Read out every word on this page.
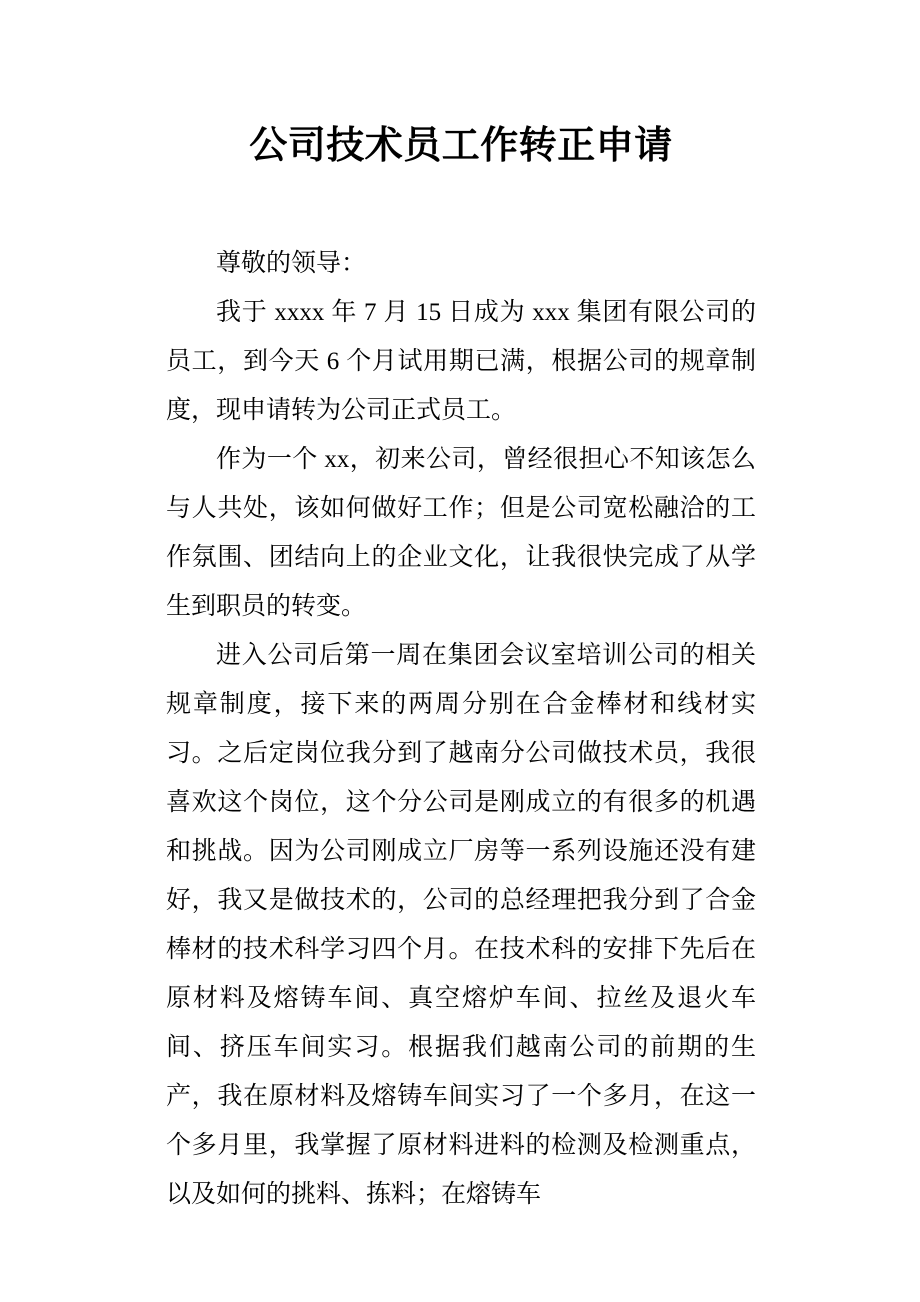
公司技术员工作转正申请

尊敬的领导：

我于 xxxx 年 7 月 15 日成为 xxx 集团有限公司的员工，到今天 6 个月试用期已满，根据公司的规章制度，现申请转为公司正式员工。

作为一个 xx，初来公司，曾经很担心不知该怎么与人共处，该如何做好工作；但是公司宽松融洽的工作氛围、团结向上的企业文化，让我很快完成了从学生到职员的转变。

进入公司后第一周在集团会议室培训公司的相关规章制度，接下来的两周分别在合金棒材和线材实习。之后定岗位我分到了越南分公司做技术员，我很喜欢这个岗位，这个分公司是刚成立的有很多的机遇和挑战。因为公司刚成立厂房等一系列设施还没有建好，我又是做技术的，公司的总经理把我分到了合金棒材的技术科学习四个月。在技术科的安排下先后在原材料及熔铸车间、真空熔炉车间、拉丝及退火车间、挤压车间实习。根据我们越南公司的前期的生产，我在原材料及熔铸车间实习了一个多月，在这一个多月里，我掌握了原材料进料的检测及检测重点，以及如何的挑料、拣料；在熔铸车
